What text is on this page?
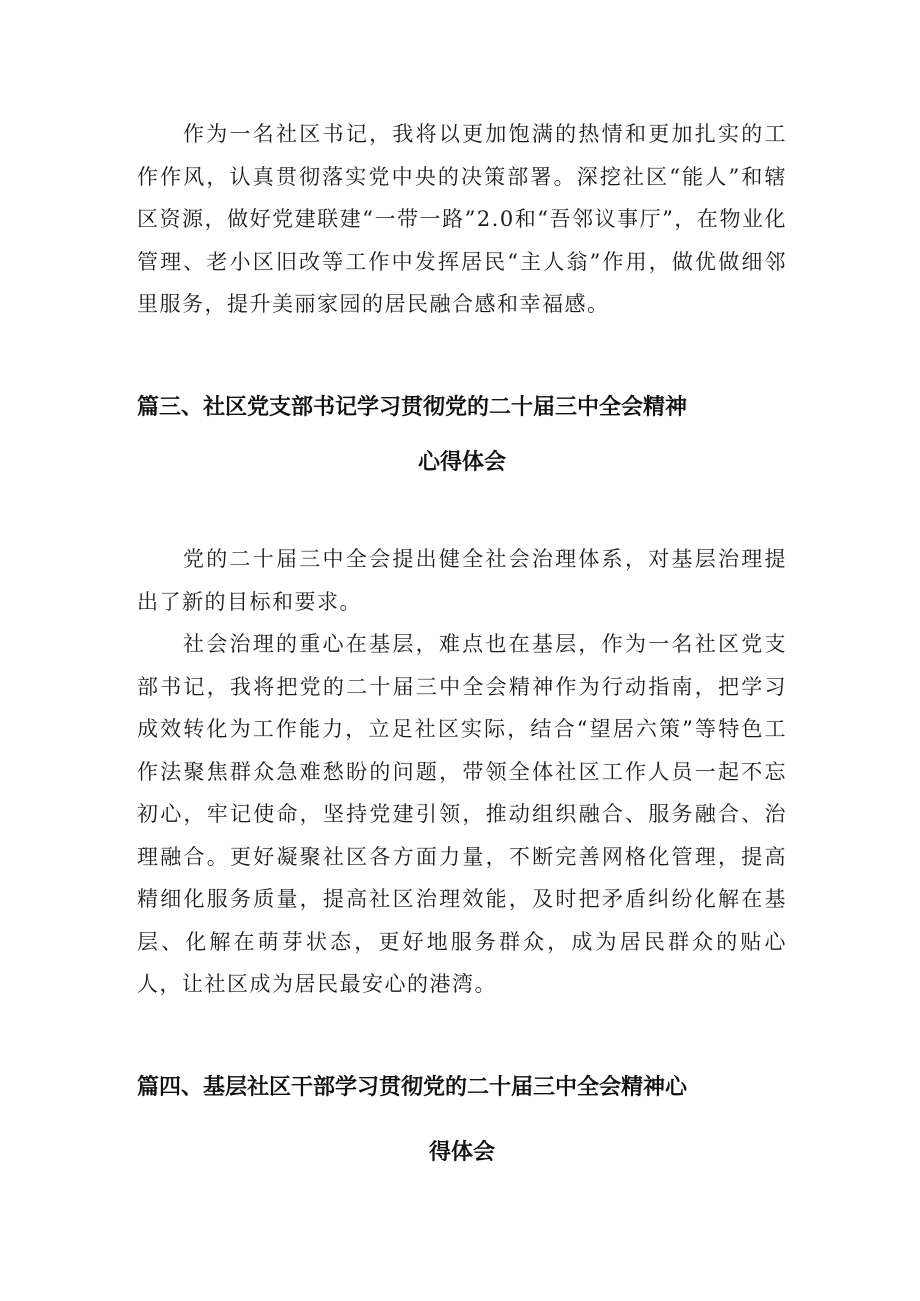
作为一名社区书记，我将以更加饱满的热情和更加扎实的工作作风，认真贯彻落实党中央的决策部署。深挖社区“能人”和辖区资源，做好党建联建“一带一路”2.0和“吾邻议事厅”，在物业化管理、老小区旧改等工作中发挥居民“主人翁”作用，做优做细邻里服务，提升美丽家园的居民融合感和幸福感。

篇三、社区党支部书记学习贯彻党的二十届三中全会精神
心得体会

党的二十届三中全会提出健全社会治理体系，对基层治理提出了新的目标和要求。

社会治理的重心在基层，难点也在基层，作为一名社区党支部书记，我将把党的二十届三中全会精神作为行动指南，把学习成效转化为工作能力，立足社区实际，结合“望居六策”等特色工作法聚焦群众急难愁盼的问题，带领全体社区工作人员一起不忘初心，牢记使命，坚持党建引领，推动组织融合、服务融合、治理融合。更好凝聚社区各方面力量，不断完善网格化管理，提高精细化服务质量，提高社区治理效能，及时把矛盾纠纷化解在基层、化解在萌芽状态，更好地服务群众，成为居民群众的贴心人，让社区成为居民最安心的港湾。

篇四、基层社区干部学习贯彻党的二十届三中全会精神心
得体会
